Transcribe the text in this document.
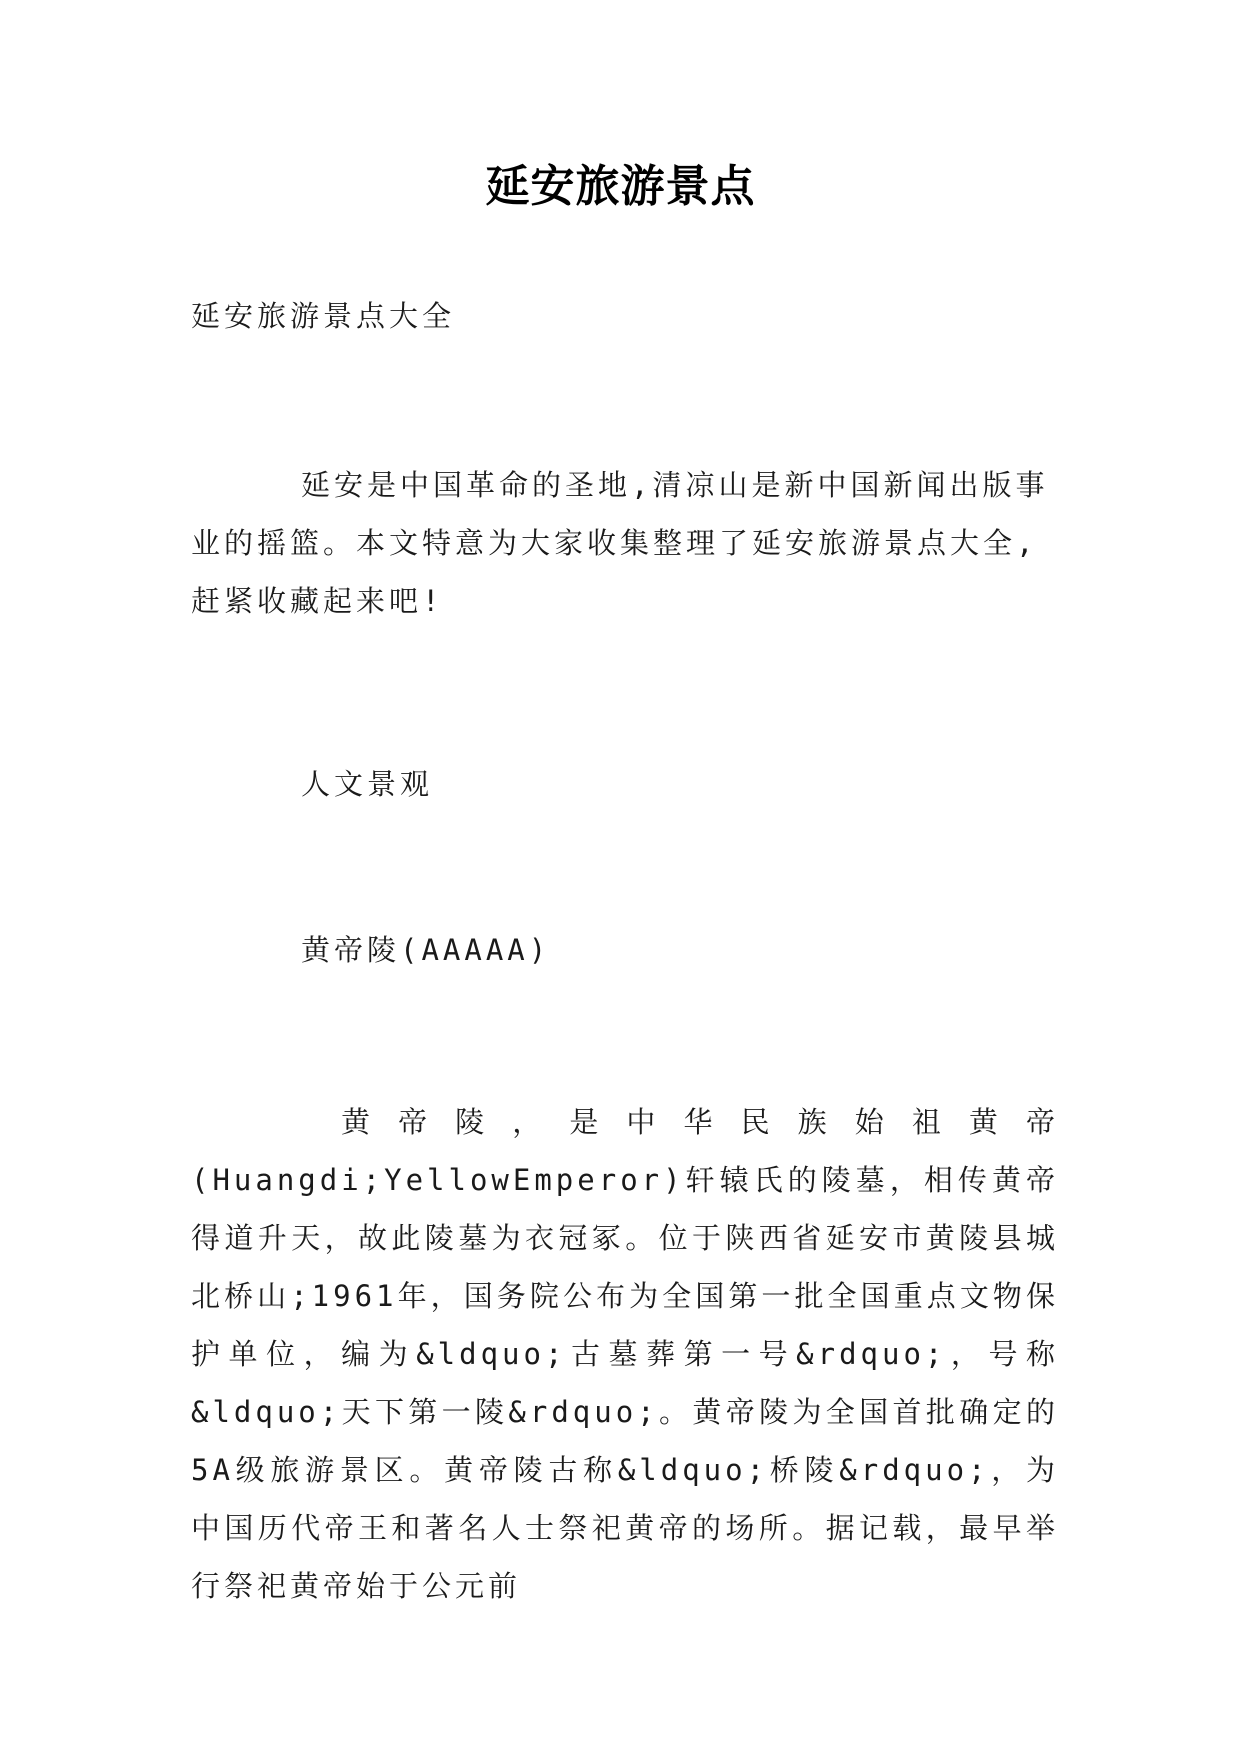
延安旅游景点

延安旅游景点大全

延安是中国革命的圣地,清凉山是新中国新闻出版事业的摇篮。本文特意为大家收集整理了延安旅游景点大全,赶紧收藏起来吧!

人文景观

黄帝陵(AAAAA)

黄帝陵，是中华民族始祖黄帝(Huangdi;YellowEmperor)轩辕氏的陵墓，相传黄帝得道升天，故此陵墓为衣冠冢。位于陕西省延安市黄陵县城北桥山;1961年，国务院公布为全国第一批全国重点文物保护单位，编为&ldquo;古墓葬第一号&rdquo;，号称&ldquo;天下第一陵&rdquo;。黄帝陵为全国首批确定的5A级旅游景区。黄帝陵古称&ldquo;桥陵&rdquo;，为中国历代帝王和著名人士祭祀黄帝的场所。据记载，最早举行祭祀黄帝始于公元前
